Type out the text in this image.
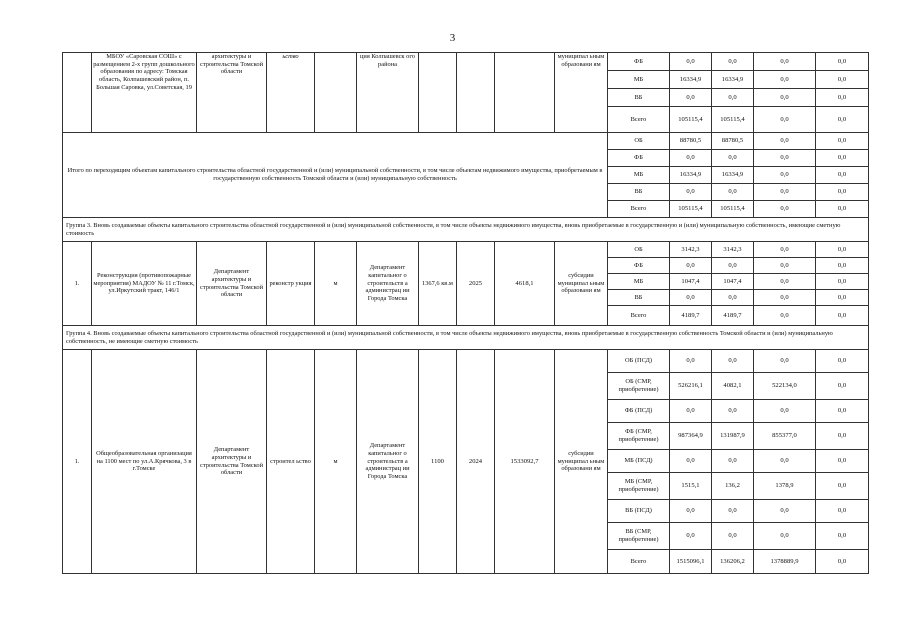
3
	МБОУ «Саровская СОШ» с размещением 2-х групп дошкольного образования по адресу: Томская область, Колпашевский район, п. Большая Саровка, ул.Советская, 19	архитектуры и строительства Томской области	ьство		ция Колпашевск ого района				муниципал ьным образовани ям	ФБ	0,0	0,0	0,0	0,0
										МБ	16334,9	16334,9	0,0	0,0
										ВБ	0,0	0,0	0,0	0,0
										Всего	105115,4	105115,4	0,0	0,0
Итого по переходящим объектам капитального строительства областной государственной и (или) муниципальной собственности, в том числе объектам недвижимого имущества, приобретаемым в государственную собственность Томской области и (или) муниципальную собственность										ОБ	88780,5	88780,5	0,0	0,0
										ФБ	0,0	0,0	0,0	0,0
										МБ	16334,9	16334,9	0,0	0,0
										ВБ	0,0	0,0	0,0	0,0
										Всего	105115,4	105115,4	0,0	0,0
Группа 3. Вновь создаваемые объекты капитального строительства областной государственной и (или) муниципальной собственности, в том числе объекты недвижимого имущества, вновь приобретаемые в государственную и (или) муниципальную собственность, имеющие сметную стоимость														
1.	Реконструкция (противопожарные мероприятия) МАДОУ № 11 г.Томск, ул.Иркутский тракт, 146/1	Департамент архитектуры и строительства Томской области	реконстр укция	м	Департамент капитальног о строительств а администрац ии Города Томска	1367,6 кв.м	2025	4618,1	субсидии муниципал ьным образовани ям	ОБ	3142,3	3142,3	0,0	0,0
										ФБ	0,0	0,0	0,0	0,0
										МБ	1047,4	1047,4	0,0	0,0
										ВБ	0,0	0,0	0,0	0,0
										Всего	4189,7	4189,7	0,0	0,0
Группа 4. Вновь создаваемые объекты капитального строительства областной государственной и (или) муниципальной собственности, в том числе объекты недвижимого имущества, вновь приобретаемые в государственную собственность Томской области и (или) муниципальную собственность, не имеющие сметную стоимость														
1.	Общеобразовательная организация на 1100 мест по ул.А.Крячкова, 3 в г.Томске	Департамент архитектуры и строительства Томской области	строител ьство	м	Департамент капитальног о строительств а администрац ии Города Томска	1100	2024	1533092,7	субсидии муниципал ьным образовани ям	ОБ (ПСД)	0,0	0,0	0,0	0,0
										ОБ (СМР, приобретение)	526216,1	4082,1	522134,0	0,0
										ФБ (ПСД)	0,0	0,0	0,0	0,0
										ФБ (СМР, приобретение)	987364,9	131987,9	855377,0	0,0
										МБ (ПСД)	0,0	0,0	0,0	0,0
										МБ (СМР, приобретение)	1515,1	136,2	1378,9	0,0
										ВБ (ПСД)	0,0	0,0	0,0	0,0
										ВБ (СМР, приобретение)	0,0	0,0	0,0	0,0
										Всего	1515096,1	136206,2	1378889,9	0,0
